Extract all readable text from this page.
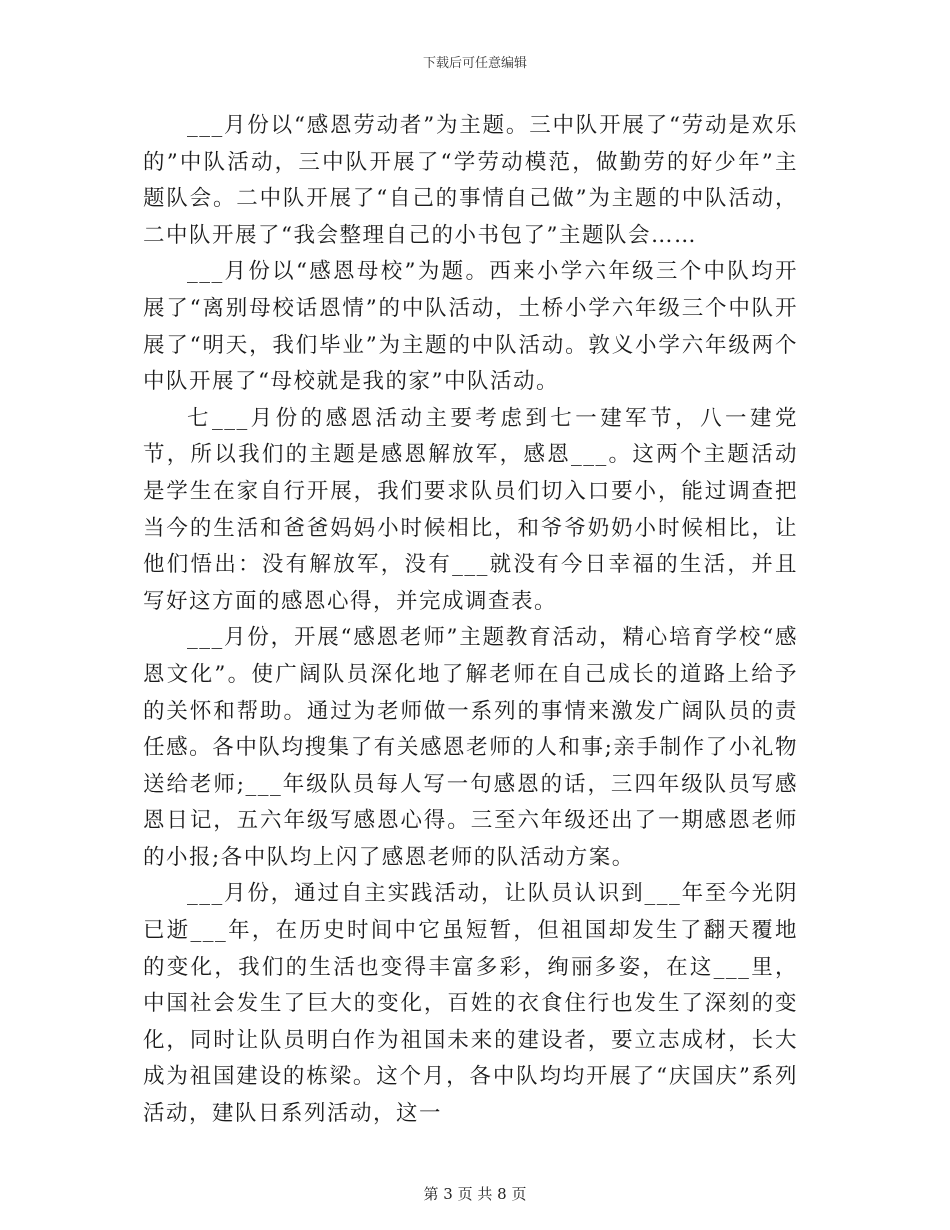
下载后可任意编辑

___月份以“感恩劳动者”为主题。三中队开展了“劳动是欢乐的”中队活动，三中队开展了“学劳动模范，做勤劳的好少年”主题队会。二中队开展了“自己的事情自己做”为主题的中队活动，二中队开展了“我会整理自己的小书包了”主题队会……

___月份以“感恩母校”为题。西来小学六年级三个中队均开展了“离别母校话恩情”的中队活动，土桥小学六年级三个中队开展了“明天，我们毕业”为主题的中队活动。敦义小学六年级两个中队开展了“母校就是我的家”中队活动。

七___月份的感恩活动主要考虑到七一建军节，八一建党节，所以我们的主题是感恩解放军，感恩___。这两个主题活动是学生在家自行开展，我们要求队员们切入口要小，能过调查把当今的生活和爸爸妈妈小时候相比，和爷爷奶奶小时候相比，让他们悟出：没有解放军，没有___就没有今日幸福的生活，并且写好这方面的感恩心得，并完成调查表。

___月份，开展“感恩老师”主题教育活动，精心培育学校“感恩文化”。使广阔队员深化地了解老师在自己成长的道路上给予的关怀和帮助。通过为老师做一系列的事情来激发广阔队员的责任感。各中队均搜集了有关感恩老师的人和事;亲手制作了小礼物送给老师;___年级队员每人写一句感恩的话，三四年级队员写感恩日记，五六年级写感恩心得。三至六年级还出了一期感恩老师的小报;各中队均上闪了感恩老师的队活动方案。

___月份，通过自主实践活动，让队员认识到___年至今光阴已逝___年，在历史时间中它虽短暂，但祖国却发生了翻天覆地的变化，我们的生活也变得丰富多彩，绚丽多姿，在这___里，中国社会发生了巨大的变化，百姓的衣食住行也发生了深刻的变化，同时让队员明白作为祖国未来的建设者，要立志成材，长大成为祖国建设的栋梁。这个月，各中队均均开展了“庆国庆”系列活动，建队日系列活动，这一

第 3 页 共 8 页
